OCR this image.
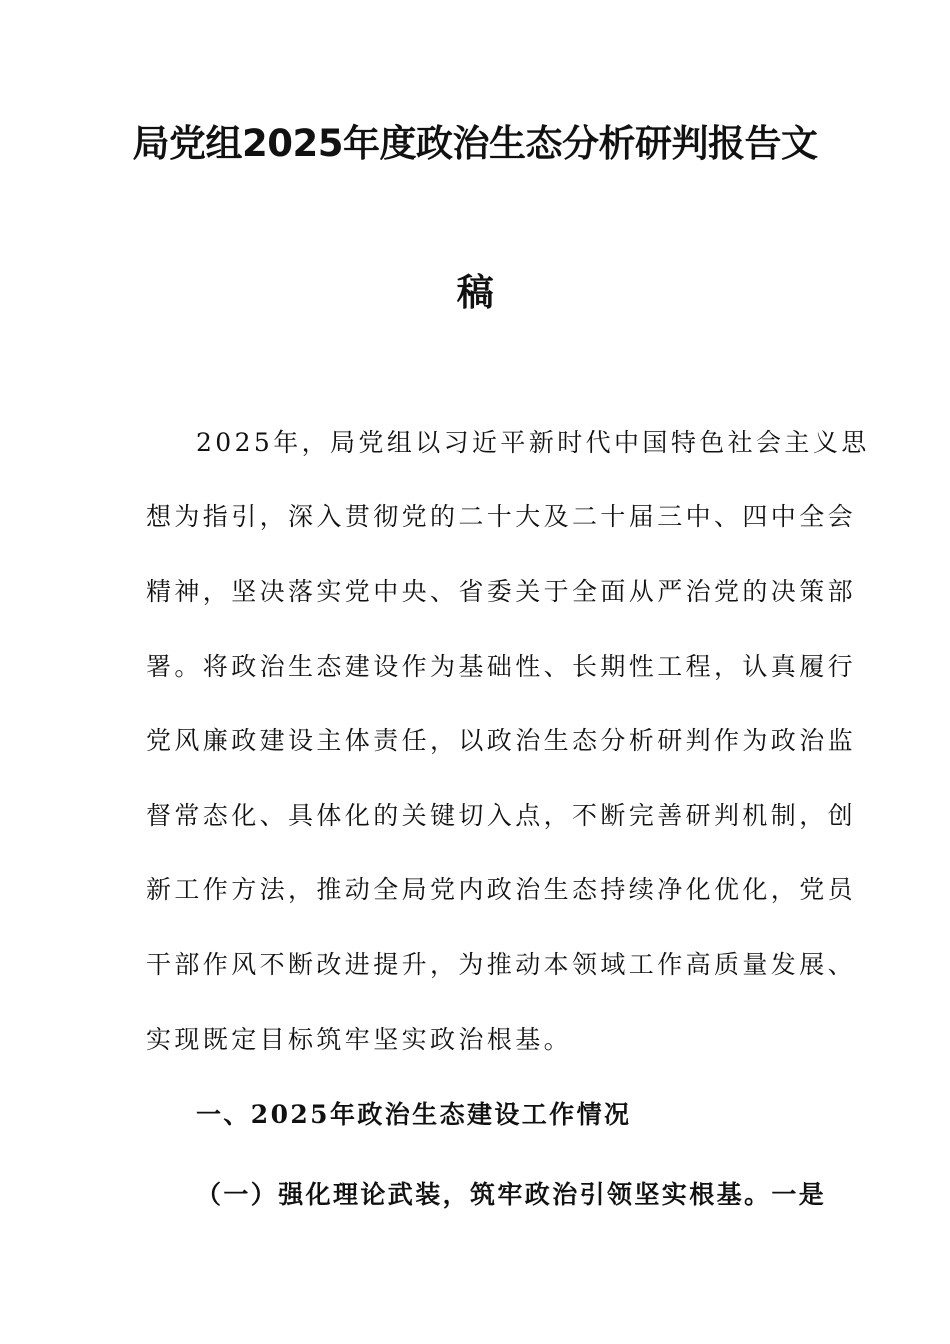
局党组2025年度政治生态分析研判报告文
稿
2025年，局党组以习近平新时代中国特色社会主义思
想为指引，深入贯彻党的二十大及二十届三中、四中全会
精神，坚决落实党中央、省委关于全面从严治党的决策部
署。将政治生态建设作为基础性、长期性工程，认真履行
党风廉政建设主体责任，以政治生态分析研判作为政治监
督常态化、具体化的关键切入点，不断完善研判机制，创
新工作方法，推动全局党内政治生态持续净化优化，党员
干部作风不断改进提升，为推动本领域工作高质量发展、
实现既定目标筑牢坚实政治根基。
一、2025年政治生态建设工作情况
（一）强化理论武装，筑牢政治引领坚实根基。一是
